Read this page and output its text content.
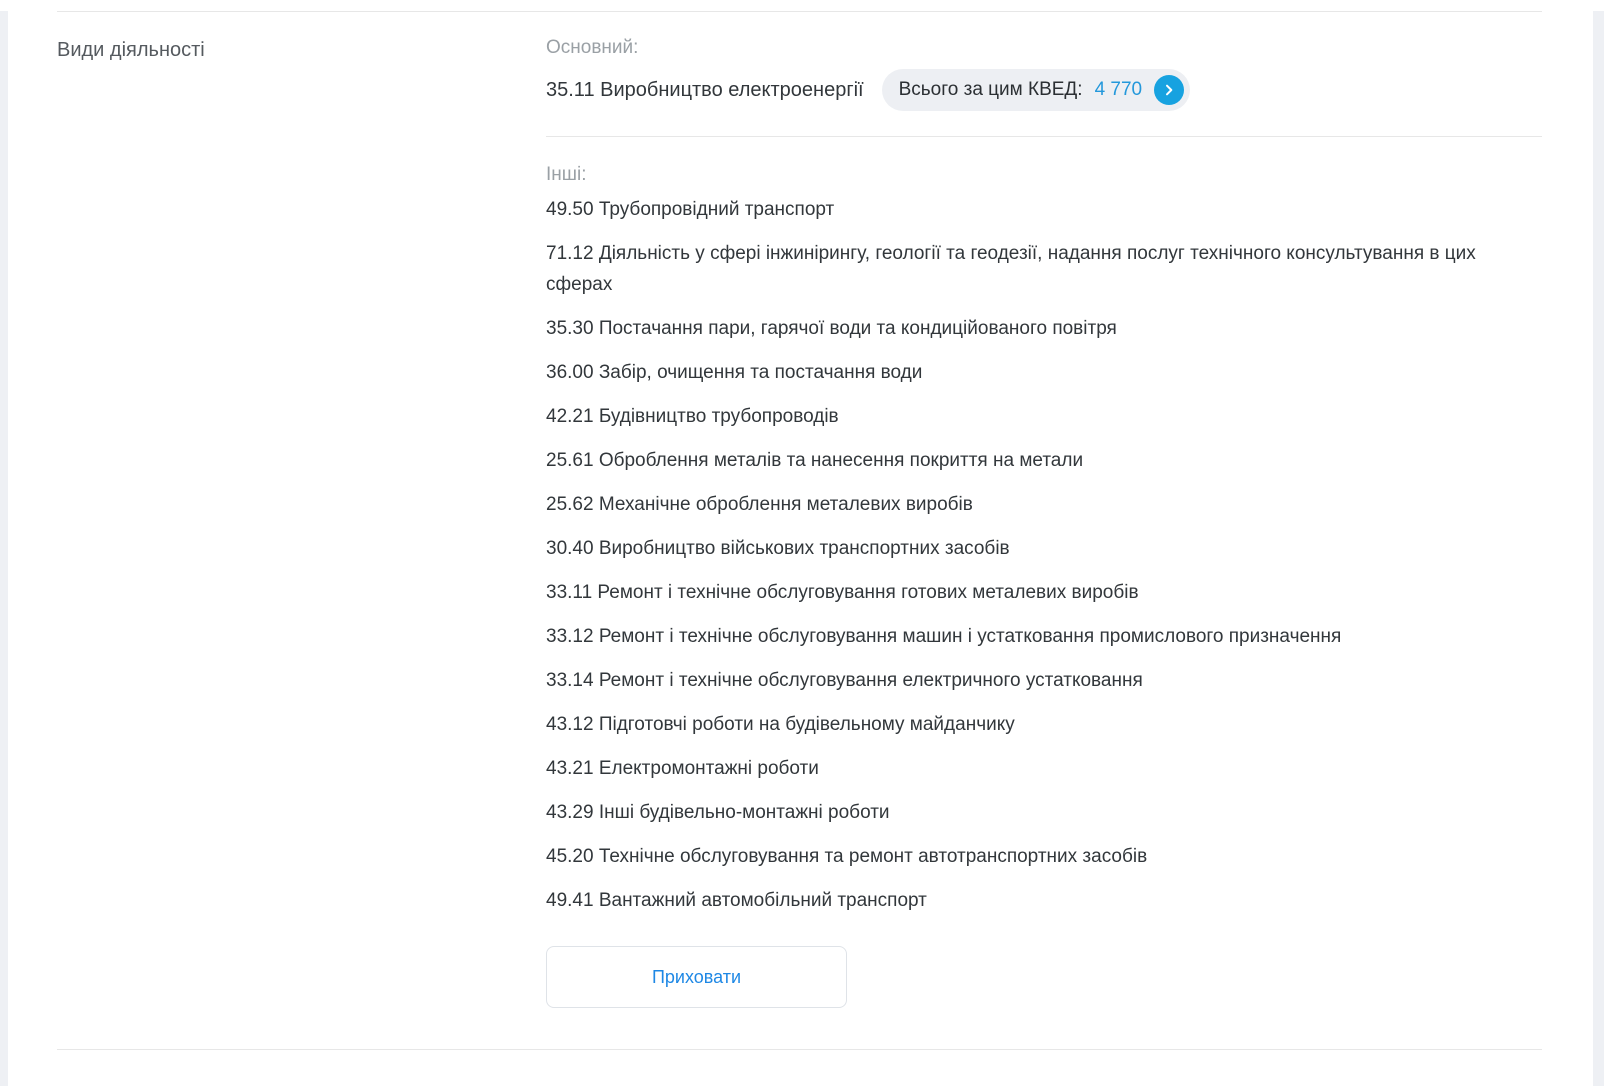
Види діяльності	Основний:
35.11 Виробництво електроенергії Всього за цим КВЕД: 4 770
Інші:
49.50 Трубопровідний транспорт
71.12 Діяльність у сфері інжинірингу, геології та геодезії, надання послуг технічного консультування в цих сферах
35.30 Постачання пари, гарячої води та кондиційованого повітря
36.00 Забір, очищення та постачання води
42.21 Будівництво трубопроводів
25.61 Оброблення металів та нанесення покриття на метали
25.62 Механічне оброблення металевих виробів
30.40 Виробництво військових транспортних засобів
33.11 Ремонт і технічне обслуговування готових металевих виробів
33.12 Ремонт і технічне обслуговування машин і устатковання промислового призначення
33.14 Ремонт і технічне обслуговування електричного устатковання
43.12 Підготовчі роботи на будівельному майданчику
43.21 Електромонтажні роботи
43.29 Інші будівельно-монтажні роботи
45.20 Технічне обслуговування та ремонт автотранспортних засобів
49.41 Вантажний автомобільний транспорт
Приховати
